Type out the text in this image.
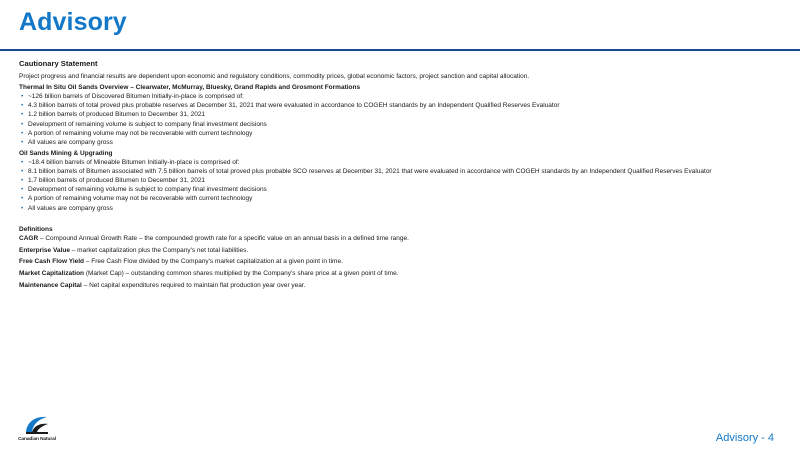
Advisory
Cautionary Statement
Project progress and financial results are dependent upon economic and regulatory conditions, commodity prices, global economic factors, project sanction and capital allocation.
Thermal In Situ Oil Sands Overview – Clearwater, McMurray, Bluesky, Grand Rapids and Grosmont Formations
• ~126 billion barrels of Discovered Bitumen Initially-in-place is comprised of:
• 4.3 billion barrels of total proved plus probable reserves at December 31, 2021 that were evaluated in accordance to COGEH standards by an Independent Qualified Reserves Evaluator
• 1.2 billion barrels of produced Bitumen to December 31, 2021
• Development of remaining volume is subject to company final investment decisions
• A portion of remaining volume may not be recoverable with current technology
• All values are company gross
Oil Sands Mining & Upgrading
• ~18.4 billion barrels of Mineable Bitumen Initially-in-place is comprised of:
• 8.1 billion barrels of Bitumen associated with 7.5 billion barrels of total proved plus probable SCO reserves at December 31, 2021 that were evaluated in accordance with COGEH standards by an Independent Qualified Reserves Evaluator
• 1.7 billion barrels of produced Bitumen to December 31, 2021
• Development of remaining volume is subject to company final investment decisions
• A portion of remaining volume may not be recoverable with current technology
• All values are company gross
Definitions
CAGR – Compound Annual Growth Rate – the compounded growth rate for a specific value on an annual basis in a defined time range.
Enterprise Value – market capitalization plus the Company's net total liabilities.
Free Cash Flow Yield – Free Cash Flow divided by the Company's market capitalization at a given point in time.
Market Capitalization (Market Cap) – outstanding common shares multiplied by the Company's share price at a given point of time.
Maintenance Capital – Net capital expenditures required to maintain flat production year over year.
Canadian Natural	Advisory - 4
